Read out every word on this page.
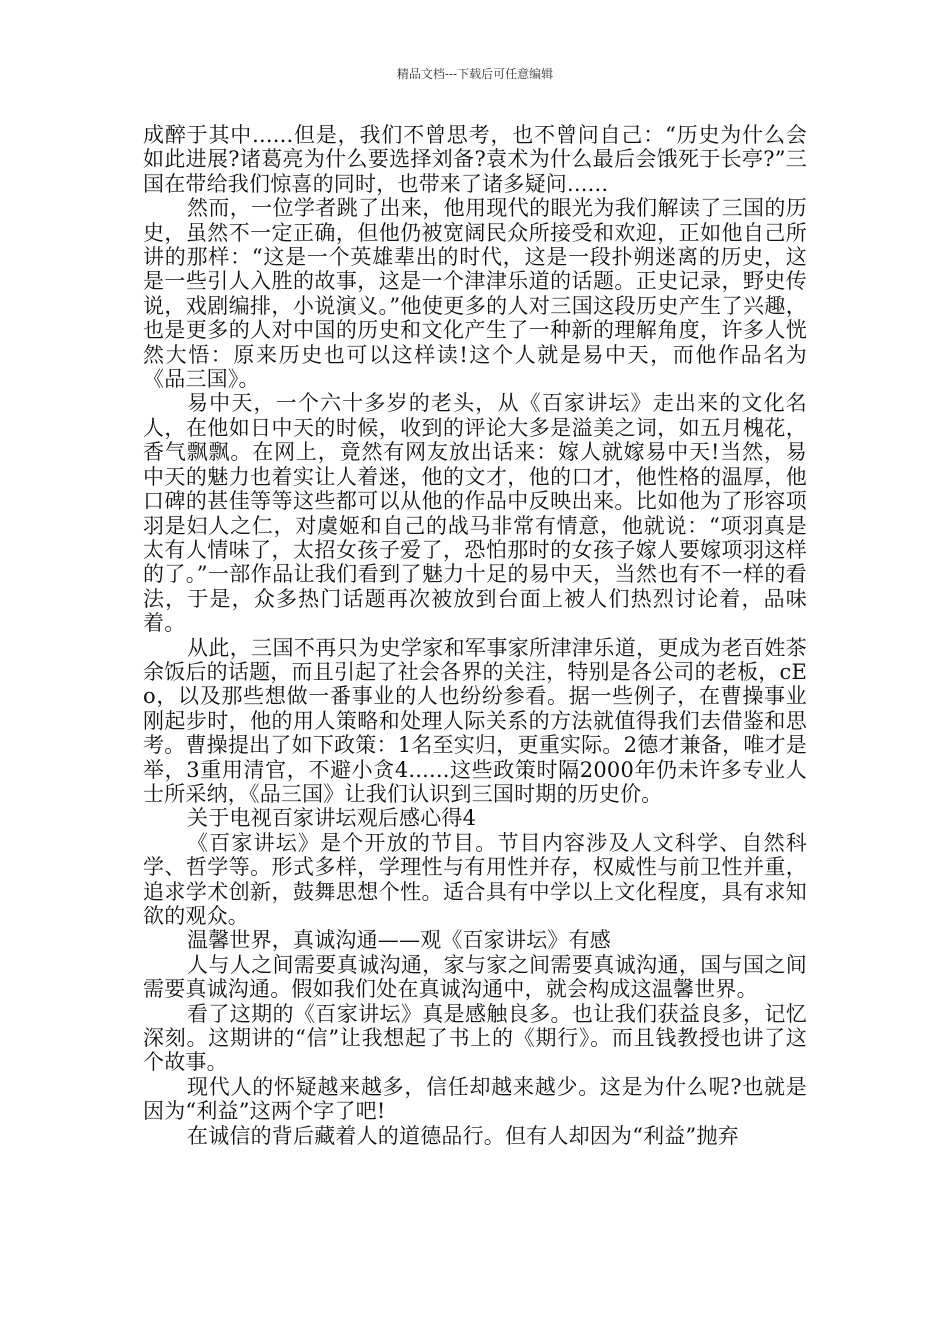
精品文档---下载后可任意编辑

成醉于其中......但是，我们不曾思考，也不曾问自己：“历史为什么会如此进展?诸葛亮为什么要选择刘备?袁术为什么最后会饿死于长亭?”三国在带给我们惊喜的同时，也带来了诸多疑问......

然而，一位学者跳了出来，他用现代的眼光为我们解读了三国的历史，虽然不一定正确，但他仍被宽阔民众所接受和欢迎，正如他自己所讲的那样：“这是一个英雄辈出的时代，这是一段扑朔迷离的历史，这是一些引人入胜的故事，这是一个津津乐道的话题。正史记录，野史传说，戏剧编排，小说演义。”他使更多的人对三国这段历史产生了兴趣，也是更多的人对中国的历史和文化产生了一种新的理解角度，许多人恍然大悟：原来历史也可以这样读!这个人就是易中天，而他作品名为《品三国》。

易中天，一个六十多岁的老头，从《百家讲坛》走出来的文化名人，在他如日中天的时候，收到的评论大多是溢美之词，如五月槐花，香气飘飘。在网上，竟然有网友放出话来：嫁人就嫁易中天!当然，易中天的魅力也着实让人着迷，他的文才，他的口才，他性格的温厚，他口碑的甚佳等等这些都可以从他的作品中反映出来。比如他为了形容项羽是妇人之仁，对虞姬和自己的战马非常有情意，他就说：“项羽真是太有人情味了，太招女孩子爱了，恐怕那时的女孩子嫁人要嫁项羽这样的了。”一部作品让我们看到了魅力十足的易中天，当然也有不一样的看法，于是，众多热门话题再次被放到台面上被人们热烈讨论着，品味着。

从此，三国不再只为史学家和军事家所津津乐道，更成为老百姓茶余饭后的话题，而且引起了社会各界的关注，特别是各公司的老板，cEo，以及那些想做一番事业的人也纷纷参看。据一些例子，在曹操事业刚起步时，他的用人策略和处理人际关系的方法就值得我们去借鉴和思考。曹操提出了如下政策：1名至实归，更重实际。2德才兼备，唯才是举，3重用清官，不避小贪4......这些政策时隔2000年仍未许多专业人士所采纳，《品三国》让我们认识到三国时期的历史价。

关于电视百家讲坛观后感心得4

《百家讲坛》是个开放的节目。节目内容涉及人文科学、自然科学、哲学等。形式多样，学理性与有用性并存，权威性与前卫性并重，追求学术创新，鼓舞思想个性。适合具有中学以上文化程度，具有求知欲的观众。

温馨世界，真诚沟通——观《百家讲坛》有感

人与人之间需要真诚沟通，家与家之间需要真诚沟通，国与国之间需要真诚沟通。假如我们处在真诚沟通中，就会构成这温馨世界。

看了这期的《百家讲坛》真是感触良多。也让我们获益良多，记忆深刻。这期讲的“信”让我想起了书上的《期行》。而且钱教授也讲了这个故事。

现代人的怀疑越来越多，信任却越来越少。这是为什么呢?也就是因为“利益”这两个字了吧!

在诚信的背后藏着人的道德品行。但有人却因为“利益”抛弃
